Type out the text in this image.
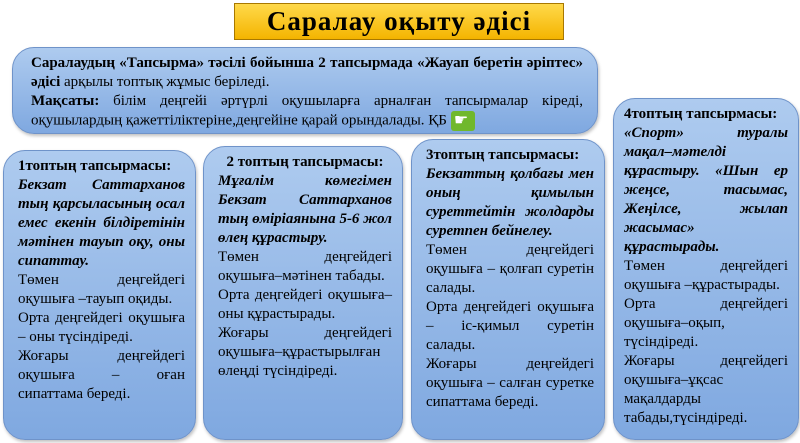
Саралау оқыту әдісі

Саралаудың «Тапсырма» тәсілі бойынша 2 тапсырмада «Жауап беретін әріптес» әдісі арқылы топтық жұмыс беріледі.

Мақсаты: білім деңгейі әртүрлі оқушыларға арналған тапсырмалар кіреді, оқушылардың қажеттіліктеріне,деңгейіне қарай орындалады. ҚБ☛

1топтың тапсырмасы:
Бекзат Саттарханов тың қарсыласының осал емес екенін білдіретінін мәтінен тауып оқу, оны сипаттау.
Төмен деңгейдегі оқушыға –тауып оқиды.
Орта деңгейдегі оқушыға – оны түсіндіреді.
Жоғары деңгейдегі оқушыға – оған сипаттама береді.
2 топтың тапсырмасы:
Мұғалім көмегімен Бекзат Саттарханов тың өміріаянына 5-6 жол өлең құрастыру.
Төмен деңгейдегі оқушыға–мәтінен табады.
Орта деңгейдегі оқушыға–оны құрастырады.
Жоғары деңгейдегі оқушыға–құрастырылған өлеңді түсіндіреді.
3топтың тапсырмасы:
Бекзаттың қолбағы мен оның қимылын суреттейтін жолдарды суретпен бейнелеу.
Төмен деңгейдегі оқушыға – қолғап суретін салады.
Орта деңгейдегі оқушыға – іс-қимыл суретін салады.
Жоғары деңгейдегі оқушыға – салған суретке сипаттама береді.
4топтың тапсырмасы:
«Спорт» туралы мақал–мәтелді құрастыру. «Шын ер жеңсе, тасымас, Жеңілсе, жылап жасымас» құрастырады.
Төмен деңгейдегі оқушыға –құрастырады.
Орта деңгейдегі оқушыға–оқып, түсіндіреді.
Жоғары деңгейдегі оқушыға–ұқсас мақалдарды табады,түсіндіреді.
